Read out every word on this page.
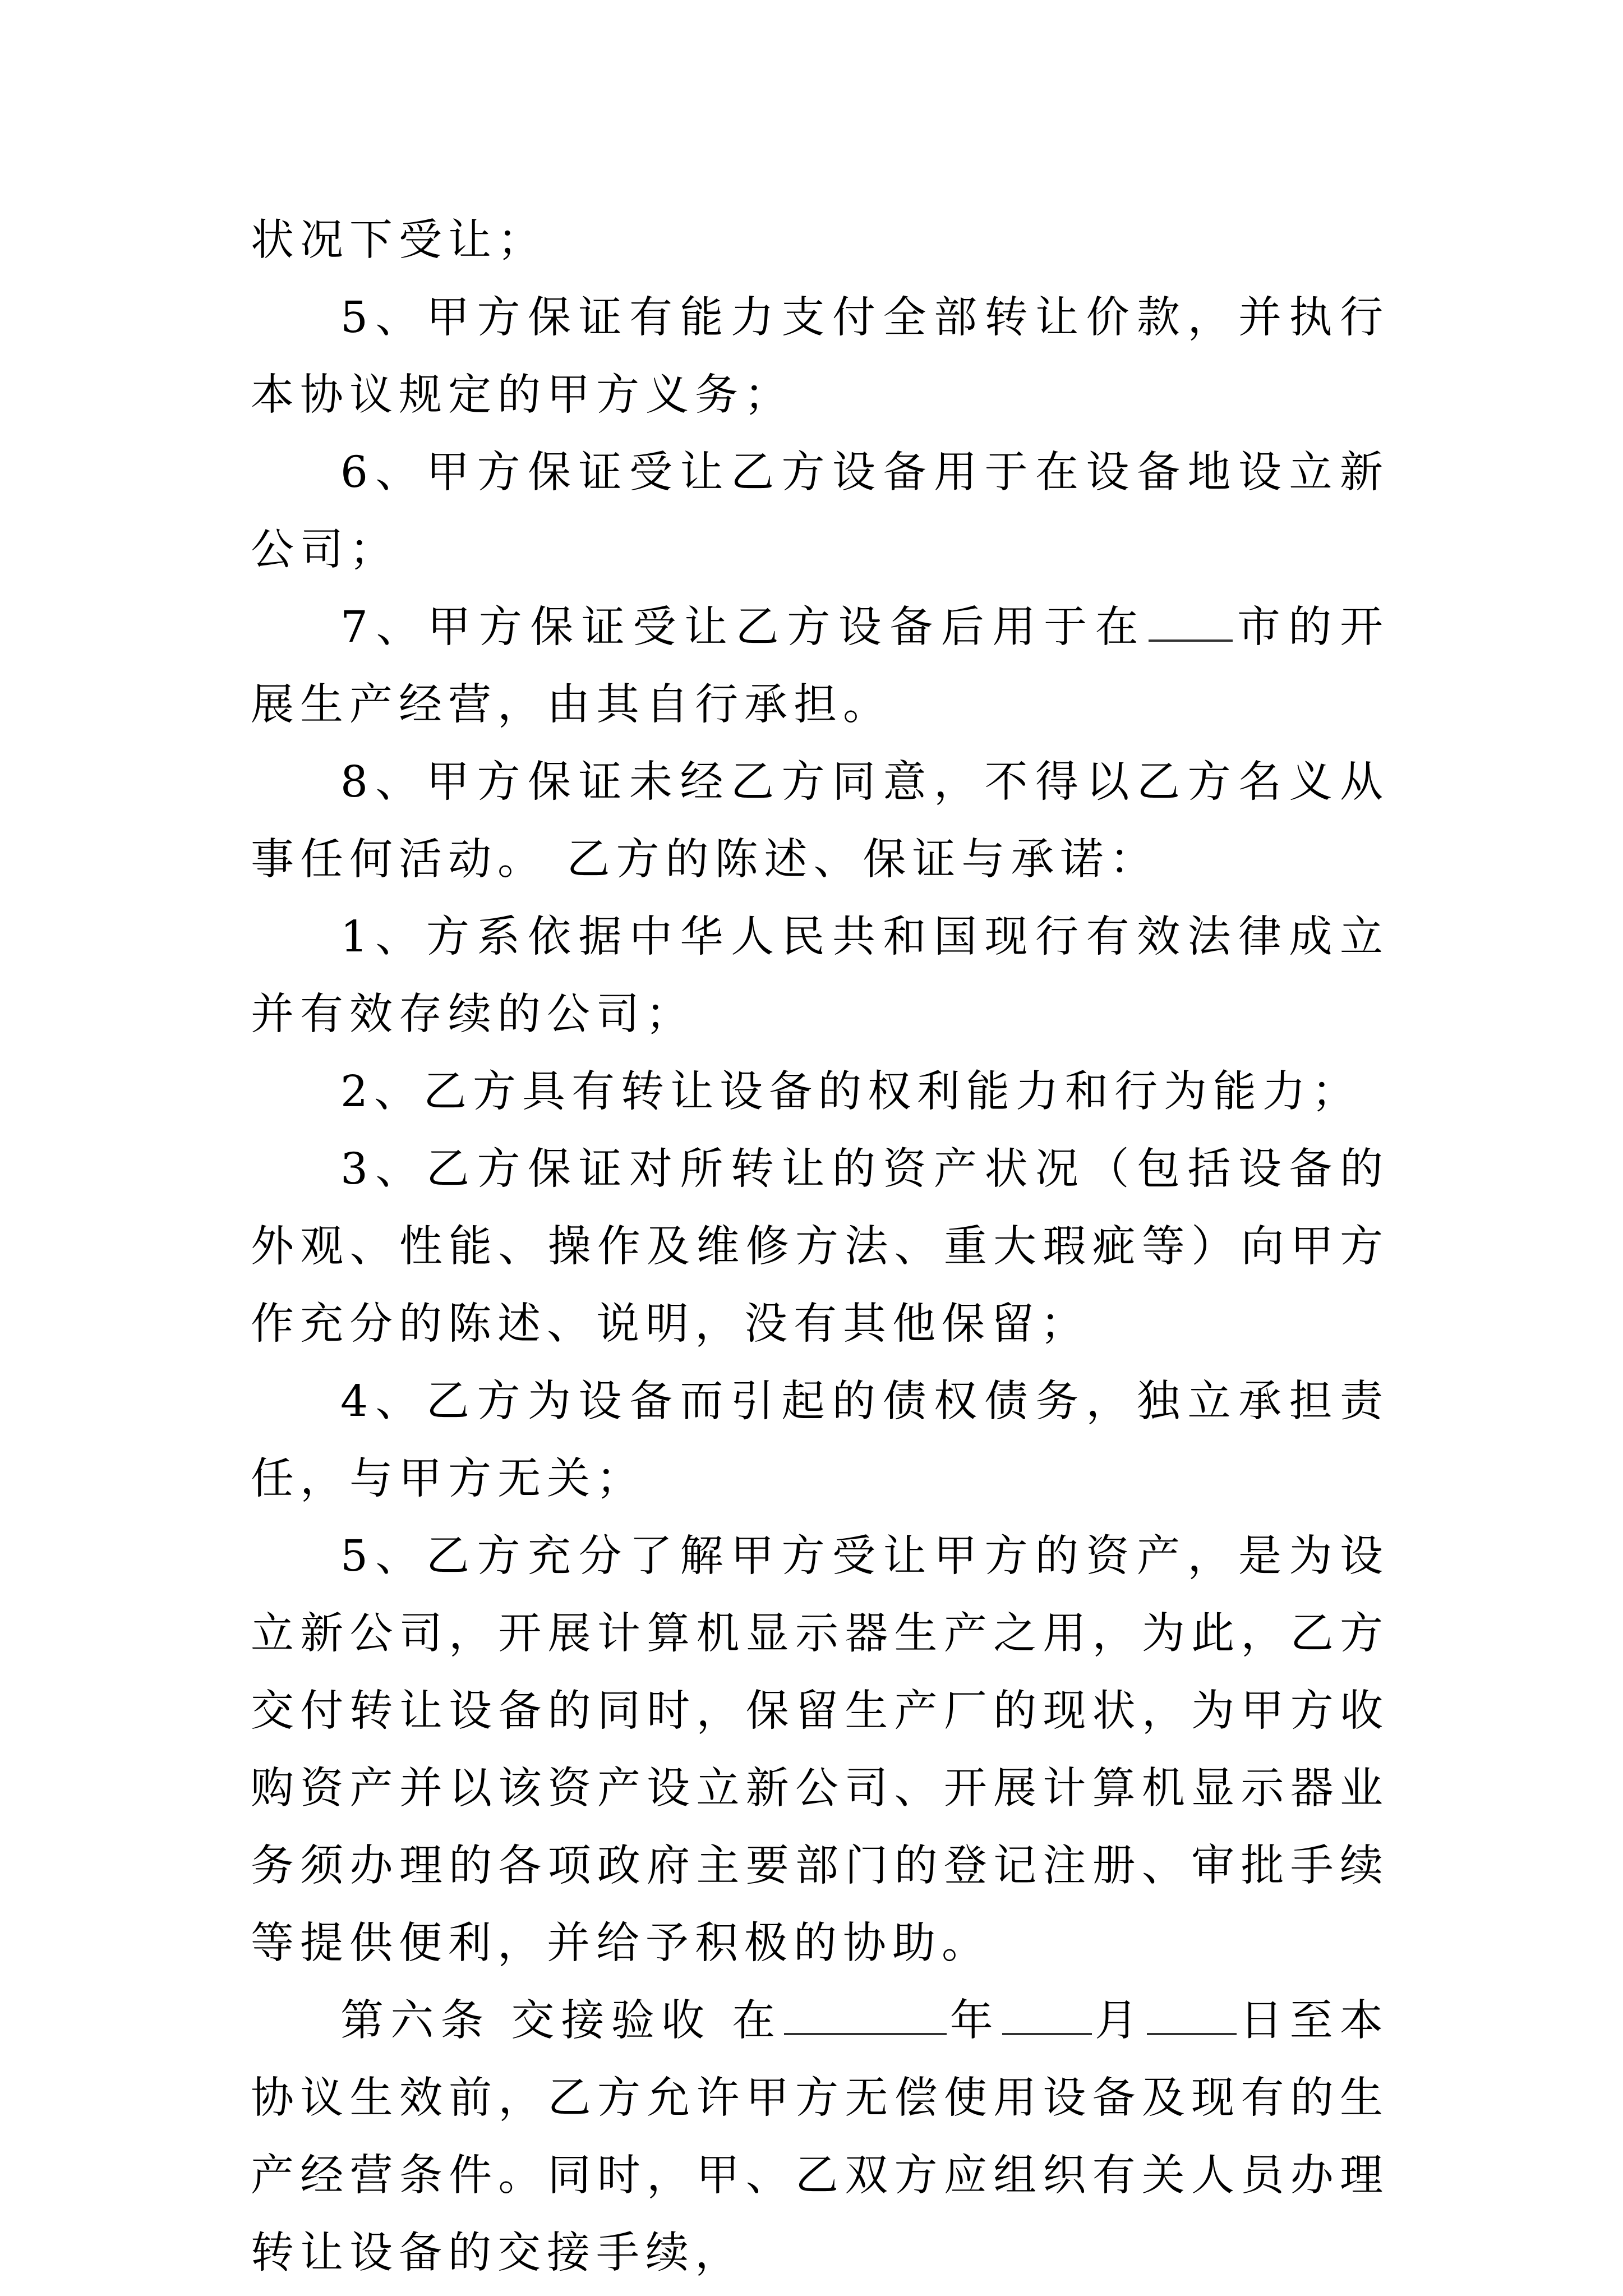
状况下受让；

5、甲方保证有能力支付全部转让价款，并执行本协议规定的甲方义务；

6、甲方保证受让乙方设备用于在设备地设立新公司；

7、甲方保证受让乙方设备后用于在 市的开展生产经营，由其自行承担。

8、甲方保证未经乙方同意，不得以乙方名义从事任何活动。 乙方的陈述、保证与承诺：

1、方系依据中华人民共和国现行有效法律成立并有效存续的公司；

2、乙方具有转让设备的权利能力和行为能力；

3、乙方保证对所转让的资产状况（包括设备的外观、性能、操作及维修方法、重大瑕疵等）向甲方作充分的陈述、说明，没有其他保留；

4、乙方为设备而引起的债权债务，独立承担责任，与甲方无关；

5、乙方充分了解甲方受让甲方的资产，是为设立新公司，开展计算机显示器生产之用，为此，乙方交付转让设备的同时，保留生产厂的现状，为甲方收购资产并以该资产设立新公司、开展计算机显示器业务须办理的各项政府主要部门的登记注册、审批手续等提供便利，并给予积极的协助。

第六条 交接验收 在	年 月 日至本协议生效前，乙方允许甲方无偿使用设备及现有的生产经营条件。同时，甲、乙双方应组织有关人员办理转让设备的交接手续，
